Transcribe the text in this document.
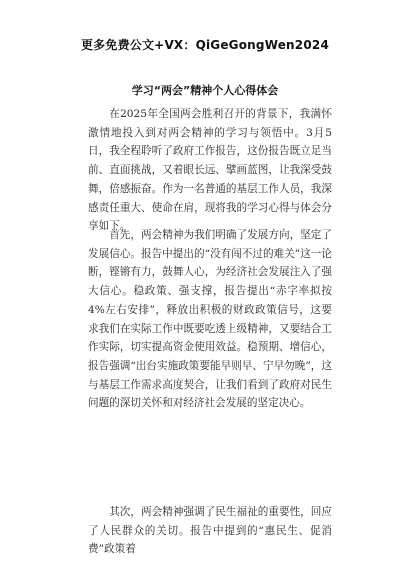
更多免费公文+VX：QiGeGongWen2024
学习“两会”精神个人心得体会

在2025年全国两会胜利召开的背景下，我满怀激情地投入到对两会精神的学习与领悟中。3月5日，我全程聆听了政府工作报告，这份报告既立足当前、直面挑战，又着眼长远、擘画蓝图，让我深受鼓舞，倍感振奋。作为一名普通的基层工作人员，我深感责任重大、使命在肩，现将我的学习心得与体会分享如下。

首先，两会精神为我们明确了发展方向，坚定了发展信心。报告中提出的“没有闯不过的难关”这一论断，铿锵有力，鼓舞人心，为经济社会发展注入了强大信心。稳政策、强支撑，报告提出“赤字率拟按4%左右安排”，释放出积极的财政政策信号，这要求我们在实际工作中既要吃透上级精神，又要结合工作实际，切实提高资金使用效益。稳预期、增信心，报告强调“出台实施政策要能早则早、宁早勿晚”，这与基层工作需求高度契合，让我们看到了政府对民生问题的深切关怀和对经济社会发展的坚定决心。

其次，两会精神强调了民生福祉的重要性，回应了人民群众的关切。报告中提到的“惠民生、促消费”政策着
